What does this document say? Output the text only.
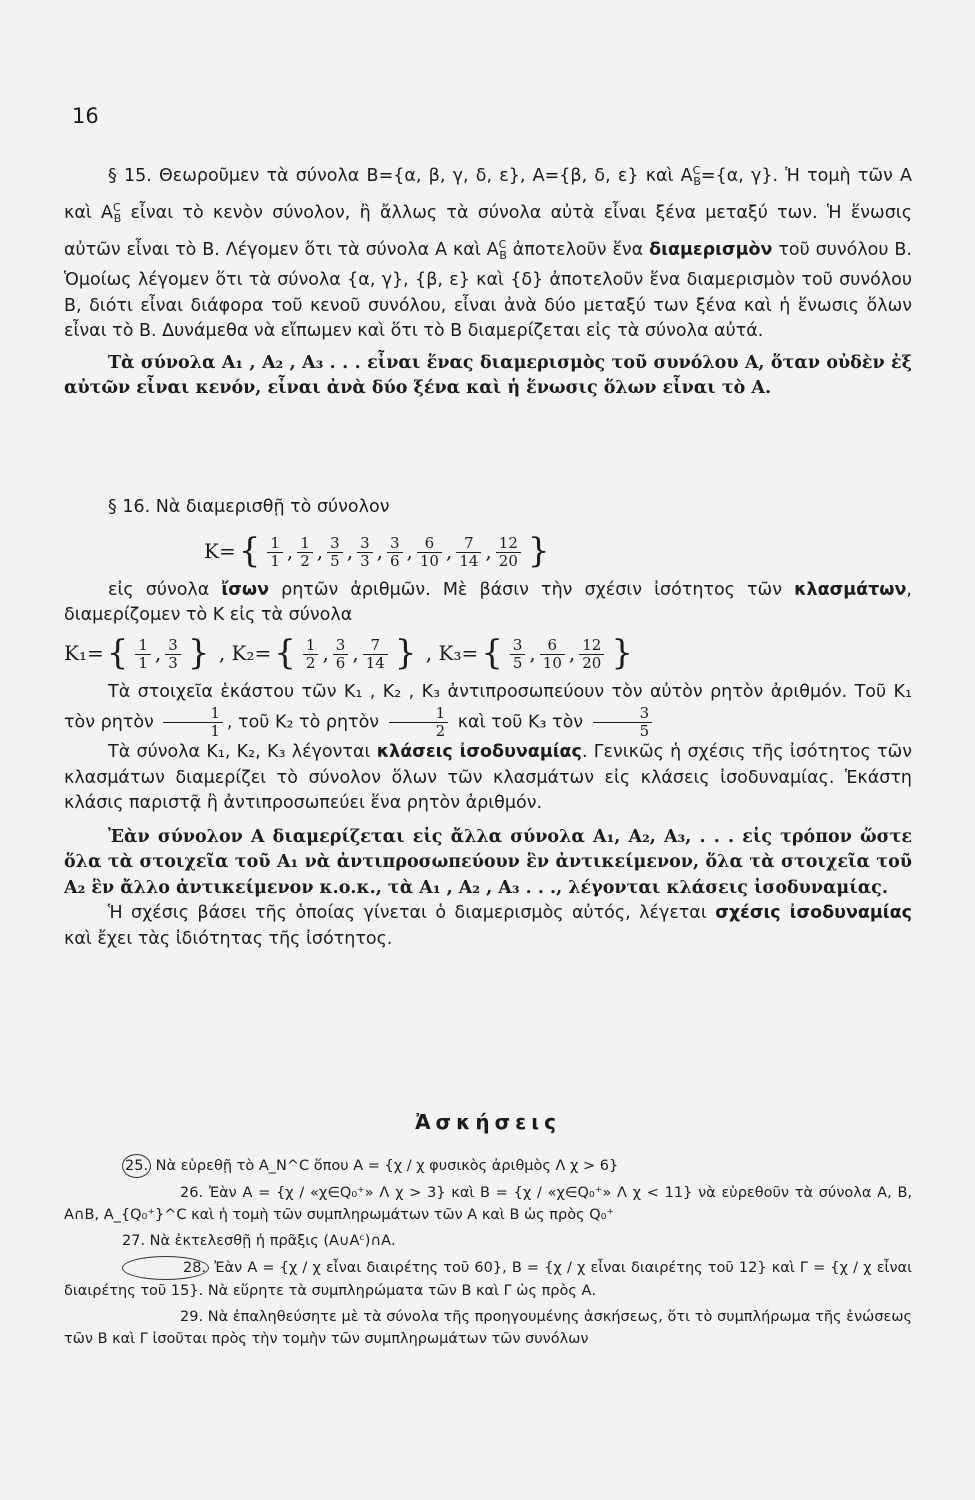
16

§ 15. Θεωροῦμεν τὰ σύνολα Β={α, β, γ, δ, ε}, Α={β, δ, ε} καὶ $A^C_B=\{\alpha$, γ}. Ἡ τομὴ τῶν Α καὶ $A^C_B$ εἶναι τὸ κενὸν σύνολον, ἢ ἄλλως τὰ σύνολα αὐτὰ εἶναι ξένα μεταξύ των. Ἡ ἕνωσις αὐτῶν εἶναι τὸ Β. Λέγομεν ὅτι τὰ σύνολα Α καὶ $A^C_B$ ἀποτελοῦν ἕνα διαμερισμὸν τοῦ συνόλου Β. Ὁμοίως λέγομεν ὅτι τὰ σύνολα {α, γ}, {β, ε} καὶ {δ} ἀποτελοῦν ἕνα διαμερισμὸν τοῦ συνόλου Β, διότι εἶναι διάφορα τοῦ κενοῦ συνόλου, εἶναι ἀνὰ δύο μεταξύ των ξένα καὶ ἡ ἕνωσις ὅλων εἶναι τὸ Β. Δυνάμεθα νὰ εἴπωμεν καὶ ὅτι τὸ Β διαμερίζεται εἰς τὰ σύνολα αὐτά.

Τὰ σύνολα Α₁ , Α₂ , Α₃ . . . εἶναι ἕνας διαμερισμὸς τοῦ συνόλου Α, ὅταν οὐδὲν ἐξ αὐτῶν εἶναι κενόν, εἶναι ἀνὰ δύο ξένα καὶ ἡ ἕνωσις ὅλων εἶναι τὸ Α.

§ 16. Νὰ διαμερισθῇ τὸ σύνολον

$K=\{ \frac{1}{1}$ , $\frac{1}{2}$ , $\frac{3}{5}$ , $\frac{3}{3}$ , $\frac{3}{6}$ , $\frac{6}{10}$ , $\frac{7}{14}$ , $\frac{12}{20}$ }

εἰς σύνολα ἴσων ρητῶν ἀριθμῶν. Μὲ βάσιν τὴν σχέσιν ἰσότητος τῶν κλασμάτων, διαμερίζομεν τὸ Κ εἰς τὰ σύνολα

$K_1=\{ \frac{1}{1}$ , $\frac{3}{3}$ } , $K_2=\{ \frac{1}{2}$ , $\frac{3}{6}$ , $\frac{7}{14}$ } , $K_3=\{ \frac{3}{5}$ , $\frac{6}{10}$ , $\frac{12}{20}$ }

Τὰ στοιχεῖα ἑκάστου τῶν Κ₁ , Κ₂ , Κ₃ ἀντιπροσωπεύουν τὸν αὐτὸν ρητὸν ἀριθμόν. Τοῦ Κ₁ τὸν ρητὸν $\frac{1}{1}$ , τοῦ Κ₂ τὸ ρητὸν $\frac{1}{2}$ καὶ τοῦ Κ₃ τὸν $\frac{3}{5}$

Τὰ σύνολα Κ₁, Κ₂, Κ₃ λέγονται κλάσεις ἰσοδυναμίας. Γενικῶς ἡ σχέσις τῆς ἰσότητος τῶν κλασμάτων διαμερίζει τὸ σύνολον ὅλων τῶν κλασμάτων εἰς κλάσεις ἰσοδυναμίας. Ἑκάστη κλάσις παριστᾷ ἢ ἀντιπροσωπεύει ἕνα ρητὸν ἀριθμόν.

Ἐὰν σύνολον Α διαμερίζεται εἰς ἄλλα σύνολα Α₁, Α₂, Α₃, . . . εἰς τρόπον ὥστε ὅλα τὰ στοιχεῖα τοῦ Α₁ νὰ ἀντιπροσωπεύουν ἓν ἀντικείμενον, ὅλα τὰ στοιχεῖα τοῦ Α₂ ἓν ἄλλο ἀντικείμενον κ.ο.κ., τὰ Α₁ , Α₂ , Α₃ . . ., λέγονται κλάσεις ἰσοδυναμίας.

Ἡ σχέσις βάσει τῆς ὁποίας γίνεται ὁ διαμερισμὸς αὐτός, λέγεται σχέσις ἰσοδυναμίας καὶ ἔχει τὰς ἰδιότητας τῆς ἰσότητος.

Ἀσκήσεις

25. Νὰ εὑρεθῇ τὸ Α_N^C ὅπου Α = {χ / χ φυσικὸς ἀριθμὸς Λ χ > 6}

26. Ἐὰν Α = {χ / «χ∈Q₀⁺» Λ χ > 3} καὶ Β = {χ / «χ∈Q₀⁺» Λ χ < 11} νὰ εὑρεθοῦν τὰ σύνολα Α, Β, Α∩Β, Α_{Q₀⁺}^C καὶ ἡ τομὴ τῶν συμπληρωμάτων τῶν Α καὶ Β ὡς πρὸς Q₀⁺

27. Νὰ ἐκτελεσθῇ ἡ πρᾶξις (Α∪Αᶜ)∩Α.

28. Ἐὰν Α = {χ / χ εἶναι διαιρέτης τοῦ 60}, Β = {χ / χ εἶναι διαιρέτης τοῦ 12} καὶ Γ = {χ / χ εἶναι διαιρέτης τοῦ 15}. Νὰ εὕρητε τὰ συμπληρώματα τῶν Β καὶ Γ ὡς πρὸς Α.

29. Νὰ ἐπαληθεύσητε μὲ τὰ σύνολα τῆς προηγουμένης ἀσκήσεως, ὅτι τὸ συμπλήρωμα τῆς ἑνώσεως τῶν Β καὶ Γ ἰσοῦται πρὸς τὴν τομὴν τῶν συμπληρωμάτων τῶν συνόλων
